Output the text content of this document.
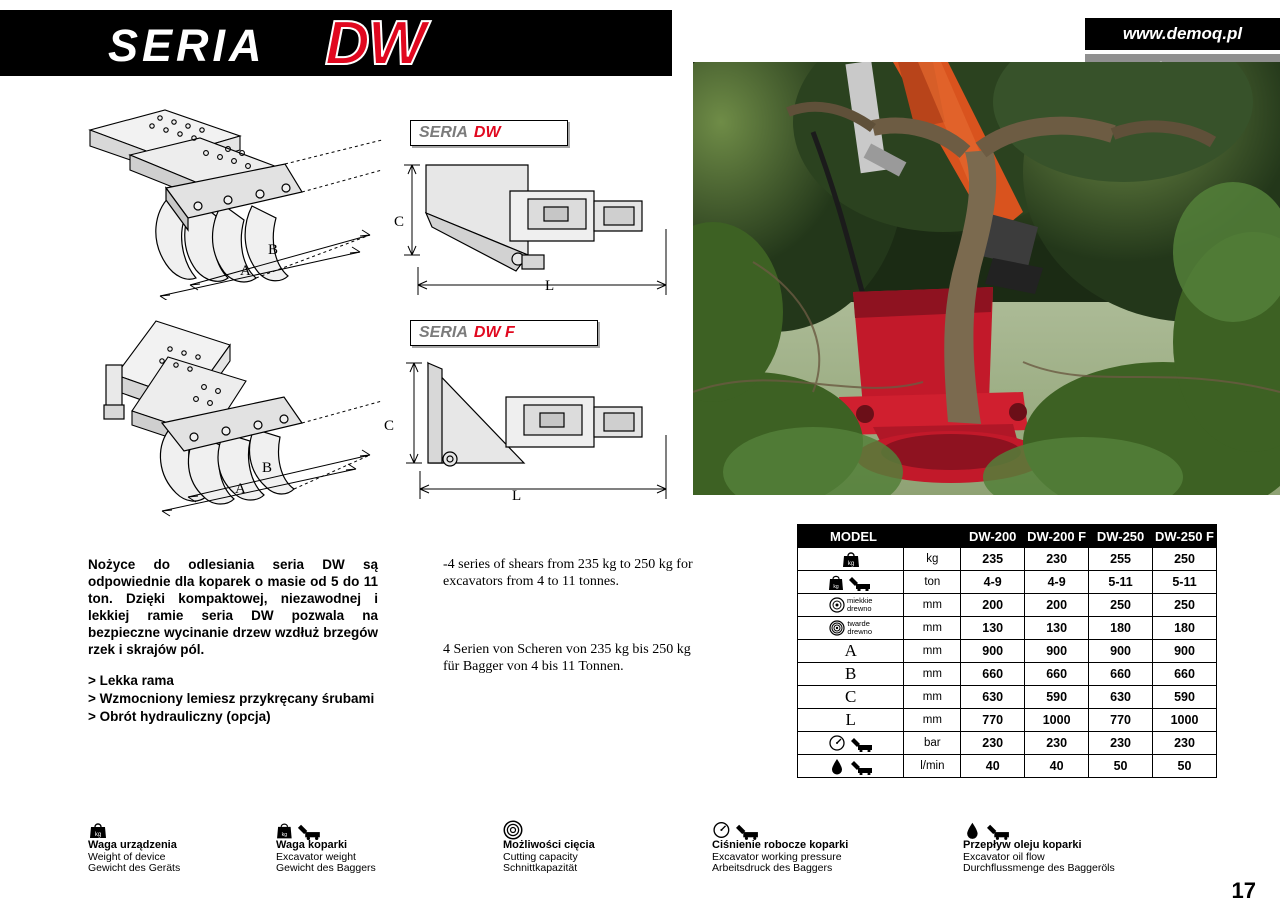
SERIA DW	www.demoq.pl
B
A
B
A
SERIA DW
C
L
SERIA DW F
C
L
Nożyce do odlesiania seria DW są odpowiednie dla koparek o masie od 5 do 11 ton. Dzięki kompaktowej, niezawodnej i lekkiej ramie seria DW pozwala na bezpieczne wycinanie drzew wzdłuż brzegów rzek i skrajów pól.
> Lekka rama
> Wzmocniony lemiesz przykręcany śrubami
> Obrót hydrauliczny (opcja)
-4 series of shears from 235 kg to 250 kg for excavators from 4 to 11 tonnes.
4 Serien von Scheren von 235 kg bis 250 kg für Bagger von 4 bis 11 Tonnen.
MODEL		DW-200	DW-200 F	DW-250	DW-250 F

kg	kg	235	230	255	250

kg	ton	4-9	4-9	5-11	5-11
miekkie
drewno	mm	200	200	250	250
twarde
drewno	mm	130	130	180	180
A	mm	900	900	900	900
B	mm	660	660	660	660
C	mm	630	590	630	590
L	mm	770	1000	770	1000
	bar	230	230	230	230
	l/min	40	40	50	50
kg
Waga urządzenia
Weight of device
Gewicht des Geräts
kg
Waga koparki
Excavator weight
Gewicht des Baggers
Możliwości cięcia
Cutting capacity
Schnittkapazität
Ciśnienie robocze koparki
Excavator working pressure
Arbeitsdruck des Baggers
Przepływ oleju koparki
Excavator oil flow
Durchflussmenge des Baggeröls
17
